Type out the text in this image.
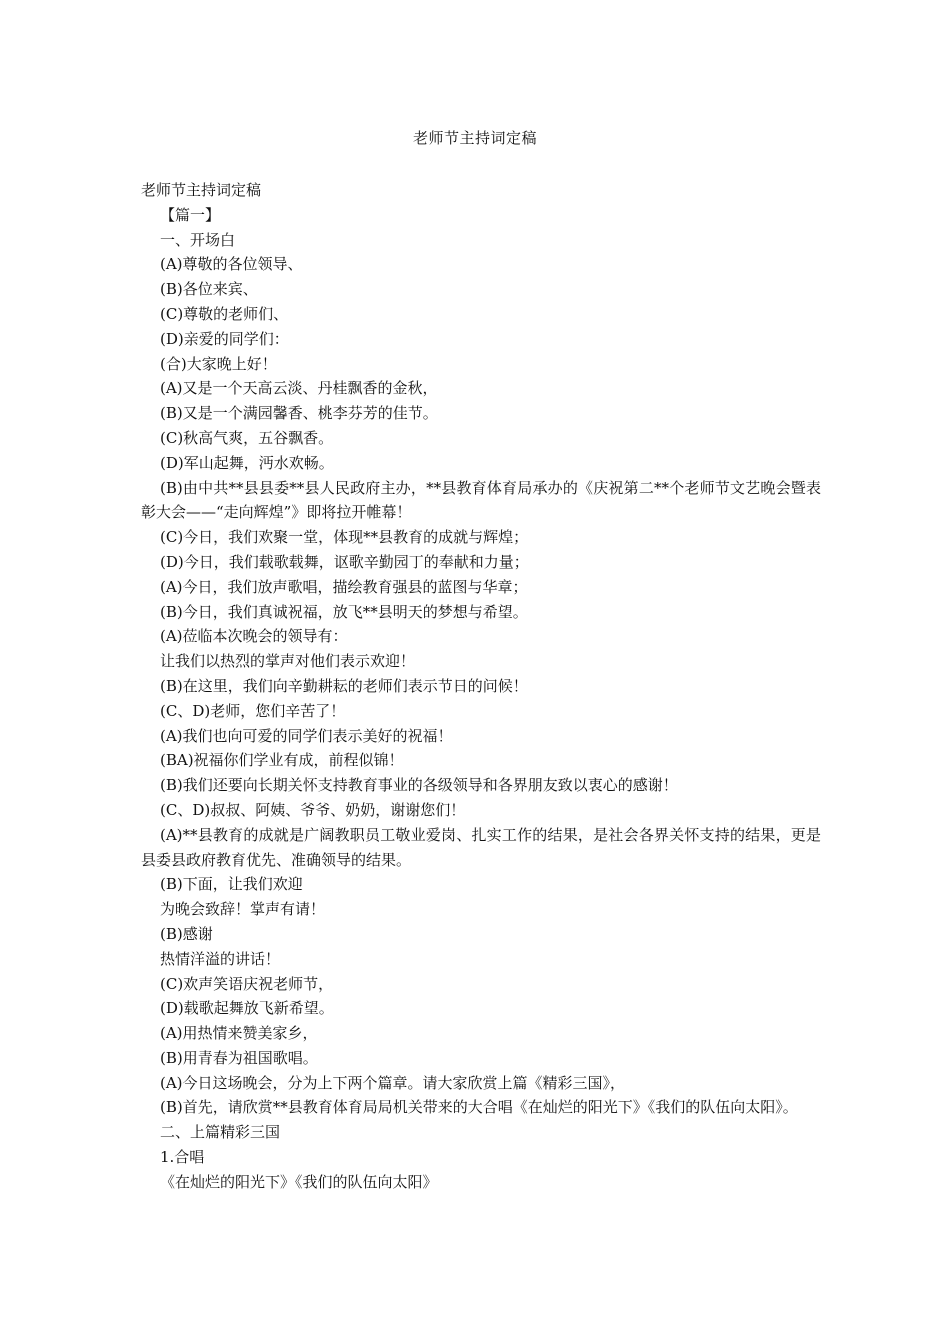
老师节主持词定稿
老师节主持词定稿
【篇一】
一、开场白
(A)尊敬的各位领导、
(B)各位来宾、
(C)尊敬的老师们、
(D)亲爱的同学们：
(合)大家晚上好！
(A)又是一个天高云淡、丹桂飘香的金秋，
(B)又是一个满园馨香、桃李芬芳的佳节。
(C)秋高气爽，五谷飘香。
(D)军山起舞，沔水欢畅。
(B)由中共**县县委**县人民政府主办，**县教育体育局承办的《庆祝第二**个老师节文艺晚会暨表彰大会——“走向辉煌”》即将拉开帷幕！
(C)今日，我们欢聚一堂，体现**县教育的成就与辉煌；
(D)今日，我们载歌载舞，讴歌辛勤园丁的奉献和力量；
(A)今日，我们放声歌唱，描绘教育强县的蓝图与华章；
(B)今日，我们真诚祝福，放飞**县明天的梦想与希望。
(A)莅临本次晚会的领导有：
让我们以热烈的掌声对他们表示欢迎！
(B)在这里，我们向辛勤耕耘的老师们表示节日的问候！
(C、D)老师，您们辛苦了！
(A)我们也向可爱的同学们表示美好的祝福！
(BA)祝福你们学业有成，前程似锦！
(B)我们还要向长期关怀支持教育事业的各级领导和各界朋友致以衷心的感谢！
(C、D)叔叔、阿姨、爷爷、奶奶，谢谢您们！
(A)**县教育的成就是广阔教职员工敬业爱岗、扎实工作的结果，是社会各界关怀支持的结果，更是县委县政府教育优先、准确领导的结果。
(B)下面，让我们欢迎
为晚会致辞！掌声有请！
(B)感谢
热情洋溢的讲话！
(C)欢声笑语庆祝老师节，
(D)载歌起舞放飞新希望。
(A)用热情来赞美家乡，
(B)用青春为祖国歌唱。
(A)今日这场晚会，分为上下两个篇章。请大家欣赏上篇《精彩三国》，
(B)首先，请欣赏**县教育体育局局机关带来的大合唱《在灿烂的阳光下》《我们的队伍向太阳》。
二、上篇精彩三国
1.合唱
《在灿烂的阳光下》《我们的队伍向太阳》
